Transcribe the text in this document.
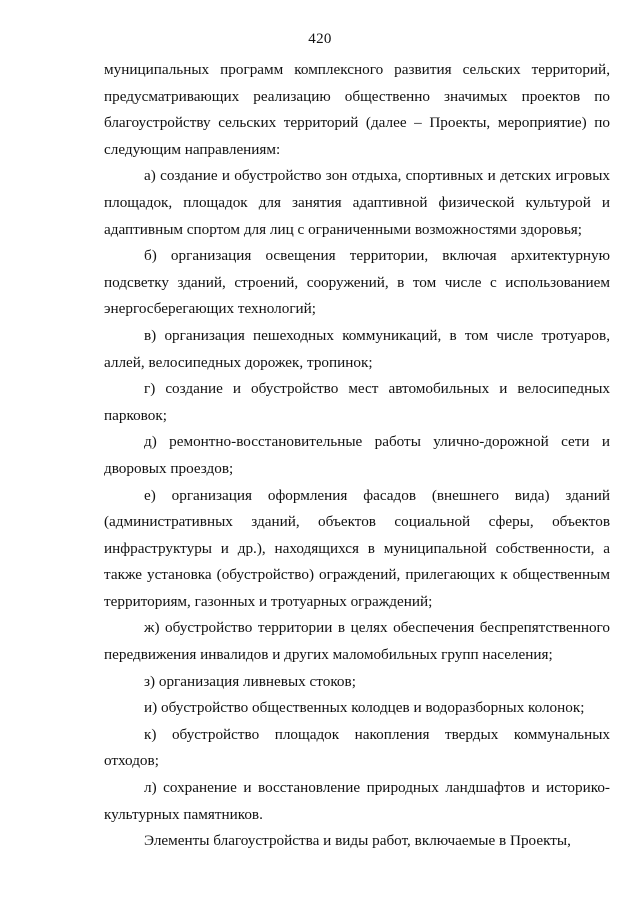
420

муниципальных программ комплексного развития сельских территорий, предусматривающих реализацию общественно значимых проектов по благоустройству сельских территорий (далее – Проекты, мероприятие) по следующим направлениям:

а) создание и обустройство зон отдыха, спортивных и детских игровых площадок, площадок для занятия адаптивной физической культурой и адаптивным спортом для лиц с ограниченными возможностями здоровья;

б) организация освещения территории, включая архитектурную подсветку зданий, строений, сооружений, в том числе с использованием энергосберегающих технологий;

в) организация пешеходных коммуникаций, в том числе тротуаров, аллей, велосипедных дорожек, тропинок;

г) создание и обустройство мест автомобильных и велосипедных парковок;

д) ремонтно-восстановительные работы улично-дорожной сети и дворовых проездов;

е) организация оформления фасадов (внешнего вида) зданий (административных зданий, объектов социальной сферы, объектов инфраструктуры и др.), находящихся в муниципальной собственности, а также установка (обустройство) ограждений, прилегающих к общественным территориям, газонных и тротуарных ограждений;

ж) обустройство территории в целях обеспечения беспрепятственного передвижения инвалидов и других маломобильных групп населения;

з) организация ливневых стоков;

и) обустройство общественных колодцев и водоразборных колонок;

к) обустройство площадок накопления твердых коммунальных отходов;

л) сохранение и восстановление природных ландшафтов и историко-культурных памятников.

Элементы благоустройства и виды работ, включаемые в Проекты,
